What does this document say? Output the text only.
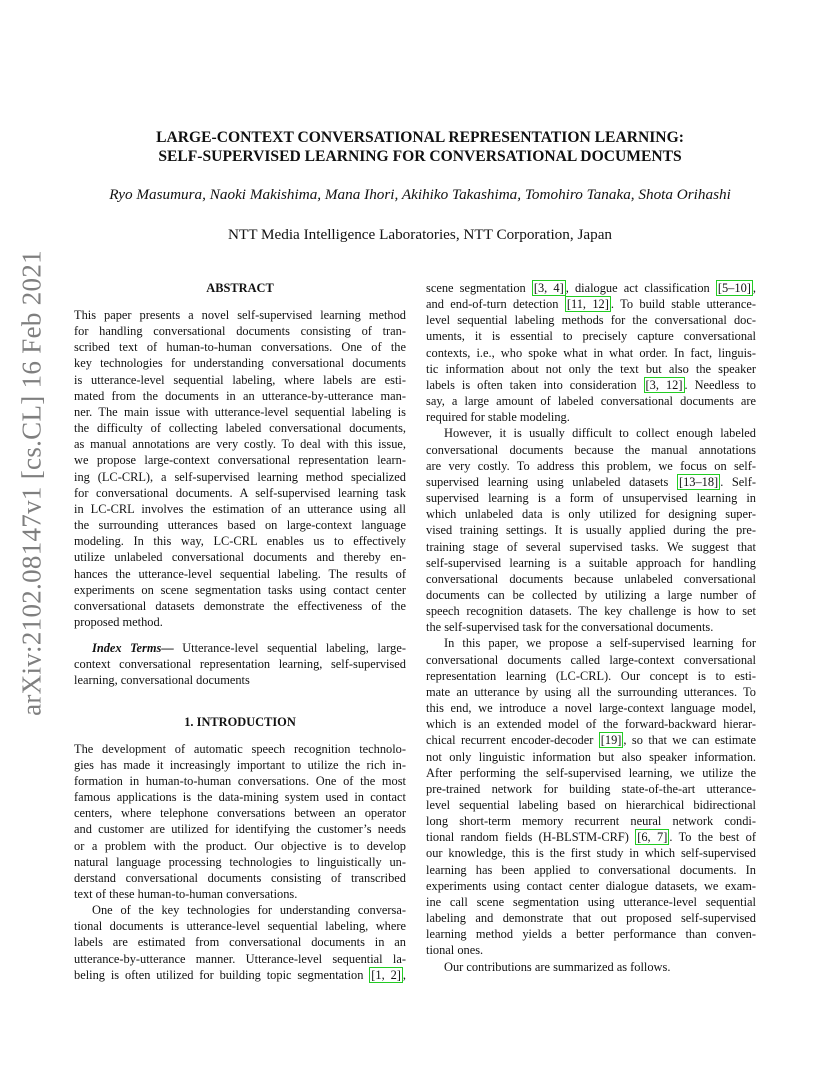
arXiv:2102.08147v1 [cs.CL] 16 Feb 2021
LARGE-CONTEXT CONVERSATIONAL REPRESENTATION LEARNING:
SELF-SUPERVISED LEARNING FOR CONVERSATIONAL DOCUMENTS
Ryo Masumura, Naoki Makishima, Mana Ihori, Akihiko Takashima, Tomohiro Tanaka, Shota Orihashi
NTT Media Intelligence Laboratories, NTT Corporation, Japan
ABSTRACT
This paper presents a novel self-supervised learning method
for handling conversational documents consisting of tran-
scribed text of human-to-human conversations. One of the
key technologies for understanding conversational documents
is utterance-level sequential labeling, where labels are esti-
mated from the documents in an utterance-by-utterance man-
ner. The main issue with utterance-level sequential labeling is
the difficulty of collecting labeled conversational documents,
as manual annotations are very costly. To deal with this issue,
we propose large-context conversational representation learn-
ing (LC-CRL), a self-supervised learning method specialized
for conversational documents. A self-supervised learning task
in LC-CRL involves the estimation of an utterance using all
the surrounding utterances based on large-context language
modeling. In this way, LC-CRL enables us to effectively
utilize unlabeled conversational documents and thereby en-
hances the utterance-level sequential labeling. The results of
experiments on scene segmentation tasks using contact center
conversational datasets demonstrate the effectiveness of the
proposed method.
Index Terms— Utterance-level sequential labeling, large-
context conversational representation learning, self-supervised
learning, conversational documents
1. INTRODUCTION
The development of automatic speech recognition technolo-
gies has made it increasingly important to utilize the rich in-
formation in human-to-human conversations. One of the most
famous applications is the data-mining system used in contact
centers, where telephone conversations between an operator
and customer are utilized for identifying the customer’s needs
or a problem with the product. Our objective is to develop
natural language processing technologies to linguistically un-
derstand conversational documents consisting of transcribed
text of these human-to-human conversations.
One of the key technologies for understanding conversa-
tional documents is utterance-level sequential labeling, where
labels are estimated from conversational documents in an
utterance-by-utterance manner. Utterance-level sequential la-
beling is often utilized for building topic segmentation [1, 2] ,
scene segmentation [3, 4] , dialogue act classification [5–10] ,
and end-of-turn detection [11, 12] . To build stable utterance-
level sequential labeling methods for the conversational doc-
uments, it is essential to precisely capture conversational
contexts, i.e., who spoke what in what order. In fact, linguis-
tic information about not only the text but also the speaker
labels is often taken into consideration [3, 12] . Needless to
say, a large amount of labeled conversational documents are
required for stable modeling.
However, it is usually difficult to collect enough labeled
conversational documents because the manual annotations
are very costly. To address this problem, we focus on self-
supervised learning using unlabeled datasets [13–18] . Self-
supervised learning is a form of unsupervised learning in
which unlabeled data is only utilized for designing super-
vised training settings. It is usually applied during the pre-
training stage of several supervised tasks. We suggest that
self-supervised learning is a suitable approach for handling
conversational documents because unlabeled conversational
documents can be collected by utilizing a large number of
speech recognition datasets. The key challenge is how to set
the self-supervised task for the conversational documents.
In this paper, we propose a self-supervised learning for
conversational documents called large-context conversational
representation learning (LC-CRL). Our concept is to esti-
mate an utterance by using all the surrounding utterances. To
this end, we introduce a novel large-context language model,
which is an extended model of the forward-backward hierar-
chical recurrent encoder-decoder [19] , so that we can estimate
not only linguistic information but also speaker information.
After performing the self-supervised learning, we utilize the
pre-trained network for building state-of-the-art utterance-
level sequential labeling based on hierarchical bidirectional
long short-term memory recurrent neural network condi-
tional random fields (H-BLSTM-CRF) [6, 7] . To the best of
our knowledge, this is the first study in which self-supervised
learning has been applied to conversational documents. In
experiments using contact center dialogue datasets, we exam-
ine call scene segmentation using utterance-level sequential
labeling and demonstrate that out proposed self-supervised
learning method yields a better performance than conven-
tional ones.
Our contributions are summarized as follows.
